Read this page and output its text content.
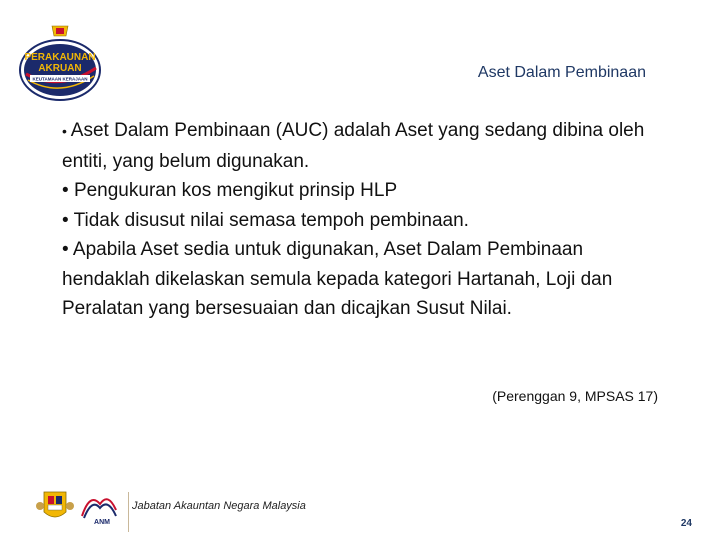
PERAKAUNAN
AKRUAN
KEUTAMAAN KERAJAAN	Aset Dalam Pembinaan

• Aset Dalam Pembinaan (AUC) adalah Aset yang sedang dibina oleh entiti, yang belum digunakan.

• Pengukuran kos mengikut prinsip HLP

• Tidak disusut nilai semasa tempoh pembinaan.

• Apabila Aset sedia untuk digunakan, Aset Dalam Pembinaan hendaklah dikelaskan semula kepada kategori Hartanah, Loji dan Peralatan yang bersesuaian dan dicajkan Susut Nilai.

(Perenggan 9, MPSAS 17)
ANM
Jabatan Akauntan Negara Malaysia
24
